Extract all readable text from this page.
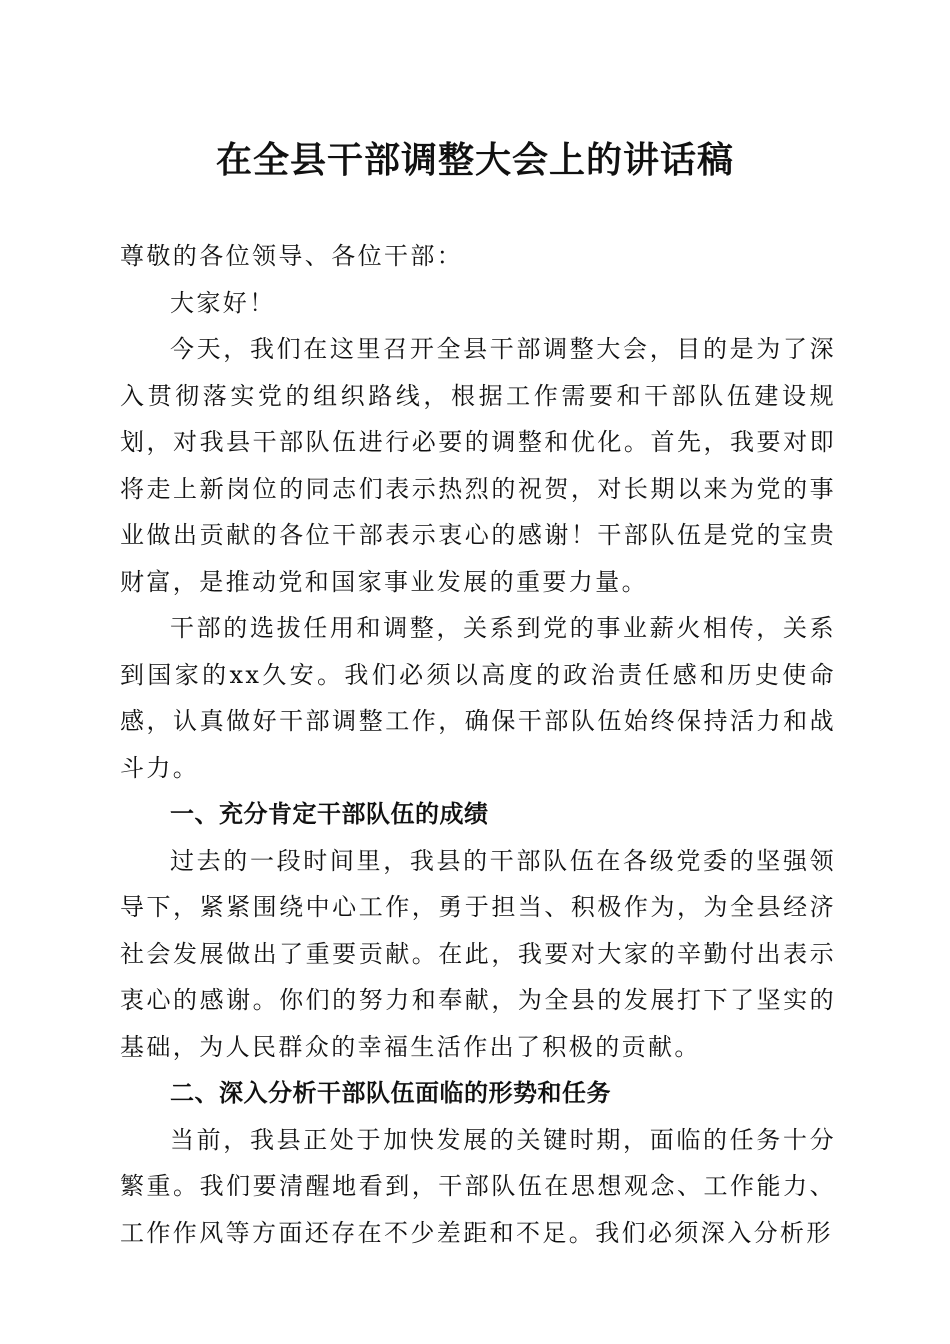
在全县干部调整大会上的讲话稿

尊敬的各位领导、各位干部：

大家好！

今天，我们在这里召开全县干部调整大会，目的是为了深入贯彻落实党的组织路线，根据工作需要和干部队伍建设规划，对我县干部队伍进行必要的调整和优化。首先，我要对即将走上新岗位的同志们表示热烈的祝贺，对长期以来为党的事业做出贡献的各位干部表示衷心的感谢！干部队伍是党的宝贵财富，是推动党和国家事业发展的重要力量。

干部的选拔任用和调整，关系到党的事业薪火相传，关系到国家的xx久安。我们必须以高度的政治责任感和历史使命感，认真做好干部调整工作，确保干部队伍始终保持活力和战斗力。

一、充分肯定干部队伍的成绩

过去的一段时间里，我县的干部队伍在各级党委的坚强领导下，紧紧围绕中心工作，勇于担当、积极作为，为全县经济社会发展做出了重要贡献。在此，我要对大家的辛勤付出表示衷心的感谢。你们的努力和奉献，为全县的发展打下了坚实的基础，为人民群众的幸福生活作出了积极的贡献。

二、深入分析干部队伍面临的形势和任务

当前，我县正处于加快发展的关键时期，面临的任务十分繁重。我们要清醒地看到，干部队伍在思想观念、工作能力、工作作风等方面还存在不少差距和不足。我们必须深入分析形
